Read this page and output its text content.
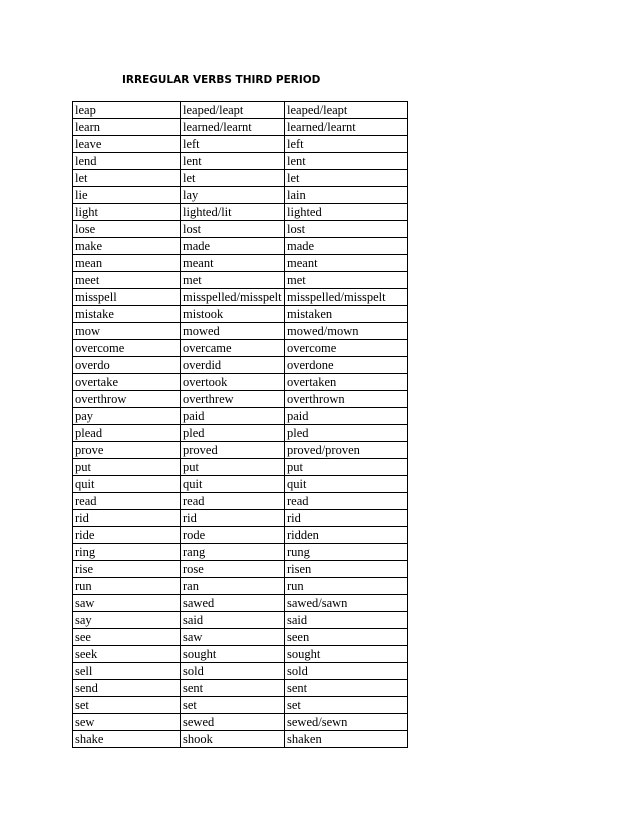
IRREGULAR VERBS THIRD PERIOD
leap	leaped/leapt	leaped/leapt
learn	learned/learnt	learned/learnt
leave	left	left
lend	lent	lent
let	let	let
lie	lay	lain
light	lighted/lit	lighted
lose	lost	lost
make	made	made
mean	meant	meant
meet	met	met
misspell	misspelled/misspelt	misspelled/misspelt
mistake	mistook	mistaken
mow	mowed	mowed/mown
overcome	overcame	overcome
overdo	overdid	overdone
overtake	overtook	overtaken
overthrow	overthrew	overthrown
pay	paid	paid
plead	pled	pled
prove	proved	proved/proven
put	put	put
quit	quit	quit
read	read	read
rid	rid	rid
ride	rode	ridden
ring	rang	rung
rise	rose	risen
run	ran	run
saw	sawed	sawed/sawn
say	said	said
see	saw	seen
seek	sought	sought
sell	sold	sold
send	sent	sent
set	set	set
sew	sewed	sewed/sewn
shake	shook	shaken
